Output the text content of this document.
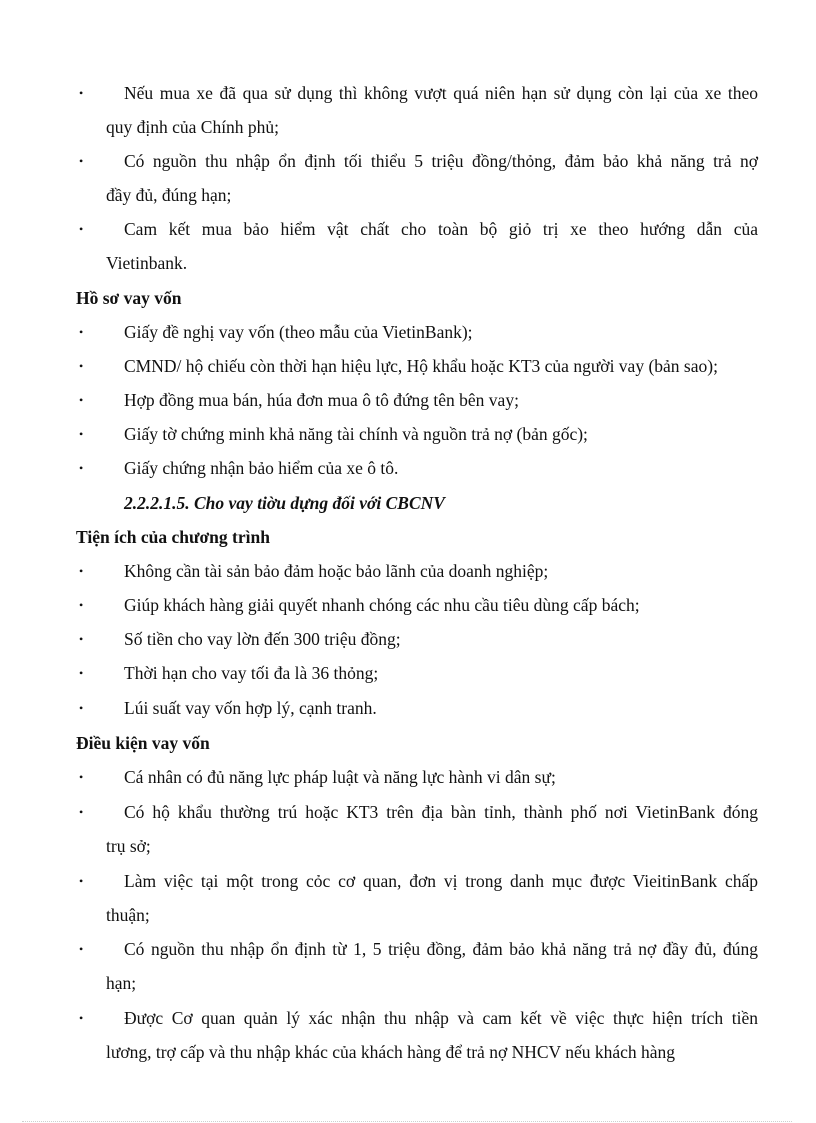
•	Nếu mua xe đã qua sử dụng thì không vượt quá niên hạn sử dụng còn lại của xe theo
quy định của Chính phủ;
•	Có nguồn thu nhập ổn định tối thiểu 5 triệu đồng/thỏng, đảm bảo khả năng trả nợ
đầy đủ, đúng hạn;
•	Cam kết mua bảo hiểm vật chất cho toàn bộ giỏ trị xe theo hướng dẫn của
Vietinbank.
Hồ sơ vay vốn
•	Giấy đề nghị vay vốn (theo mẫu của VietinBank);
•	CMND/ hộ chiếu còn thời hạn hiệu lực, Hộ khẩu hoặc KT3 của người vay (bản sao);
•	Hợp đồng mua bán, húa đơn mua ô tô đứng tên bên vay;
•	Giấy tờ chứng minh khả năng tài chính và nguồn trả nợ (bản gốc);
•	Giấy chứng nhận bảo hiểm của xe ô tô.
2.2.2.1.5. Cho vay tiờu dựng đối với CBCNV
Tiện ích của chương trình
•	Không cần tài sản bảo đảm hoặc bảo lãnh của doanh nghiệp;
•	Giúp khách hàng giải quyết nhanh chóng các nhu cầu tiêu dùng cấp bách;
•	Số tiền cho vay lờn đến 300 triệu đồng;
•	Thời hạn cho vay tối đa là 36 thỏng;
•	Lúi suất vay vốn hợp lý, cạnh tranh.
Điều kiện vay vốn
•	Cá nhân có đủ năng lực pháp luật và năng lực hành vi dân sự;
•	Có hộ khẩu thường trú hoặc KT3 trên địa bàn tỉnh, thành phố nơi VietinBank đóng
trụ sở;
•	Làm việc tại một trong cỏc cơ quan, đơn vị trong danh mục được VieitinBank chấp
thuận;
•	Có nguồn thu nhập ổn định từ 1, 5 triệu đồng, đảm bảo khả năng trả nợ đầy đủ, đúng
hạn;
•	Được Cơ quan quản lý xác nhận thu nhập và cam kết về việc thực hiện trích tiền
lương, trợ cấp và thu nhập khác của khách hàng để trả nợ NHCV nếu khách hàng
